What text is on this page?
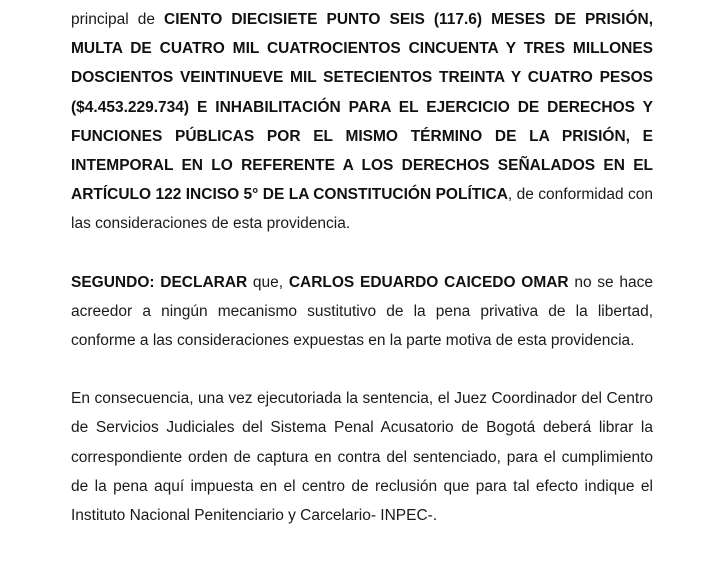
principal de CIENTO DIECISIETE PUNTO SEIS (117.6) MESES DE PRISIÓN, MULTA DE CUATRO MIL CUATROCIENTOS CINCUENTA Y TRES MILLONES DOSCIENTOS VEINTINUEVE MIL SETECIENTOS TREINTA Y CUATRO PESOS ($4.453.229.734) E INHABILITACIÓN PARA EL EJERCICIO DE DERECHOS Y FUNCIONES PÚBLICAS POR EL MISMO TÉRMINO DE LA PRISIÓN, E INTEMPORAL EN LO REFERENTE A LOS DERECHOS SEÑALADOS EN EL ARTÍCULO 122 INCISO 5° DE LA CONSTITUCIÓN POLÍTICA, de conformidad con las consideraciones de esta providencia.

SEGUNDO: DECLARAR que, CARLOS EDUARDO CAICEDO OMAR no se hace acreedor a ningún mecanismo sustitutivo de la pena privativa de la libertad, conforme a las consideraciones expuestas en la parte motiva de esta providencia.

En consecuencia, una vez ejecutoriada la sentencia, el Juez Coordinador del Centro de Servicios Judiciales del Sistema Penal Acusatorio de Bogotá deberá librar la correspondiente orden de captura en contra del sentenciado, para el cumplimiento de la pena aquí impuesta en el centro de reclusión que para tal efecto indique el Instituto Nacional Penitenciario y Carcelario- INPEC-.
